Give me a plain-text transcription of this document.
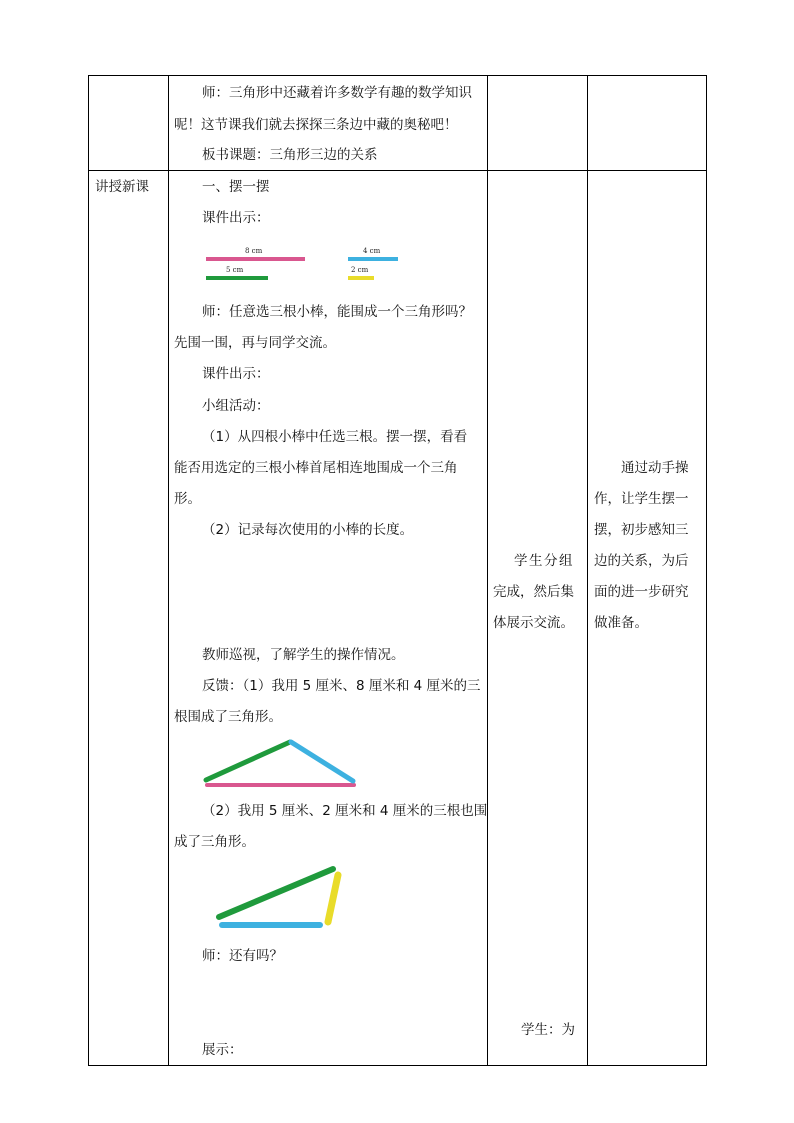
师：三角形中还藏着许多数学有趣的数学知识
呢！这节课我们就去探探三条边中藏的奥秘吧！
板书课题：三角形三边的关系
讲授新课	一、摆一摆
课件出示：
8 cm
5 cm
4 cm
2 cm
师：任意选三根小棒，能围成一个三角形吗？
先围一围，再与同学交流。
课件出示：
小组活动：
（1）从四根小棒中任选三根。摆一摆，看看
能否用选定的三根小棒首尾相连地围成一个三角
形。
（2）记录每次使用的小棒的长度。
教师巡视，了解学生的操作情况。
反馈：（1）我用 5 厘米、8 厘米和 4 厘米的三
根围成了三角形。
（2）我用 5 厘米、2 厘米和 4 厘米的三根也围
成了三角形。
师：还有吗？
展示：
学生分组
完成，然后集
体展示交流。
学生：为
通过动手操
作，让学生摆一
摆，初步感知三
边的关系，为后
面的进一步研究
做准备。
